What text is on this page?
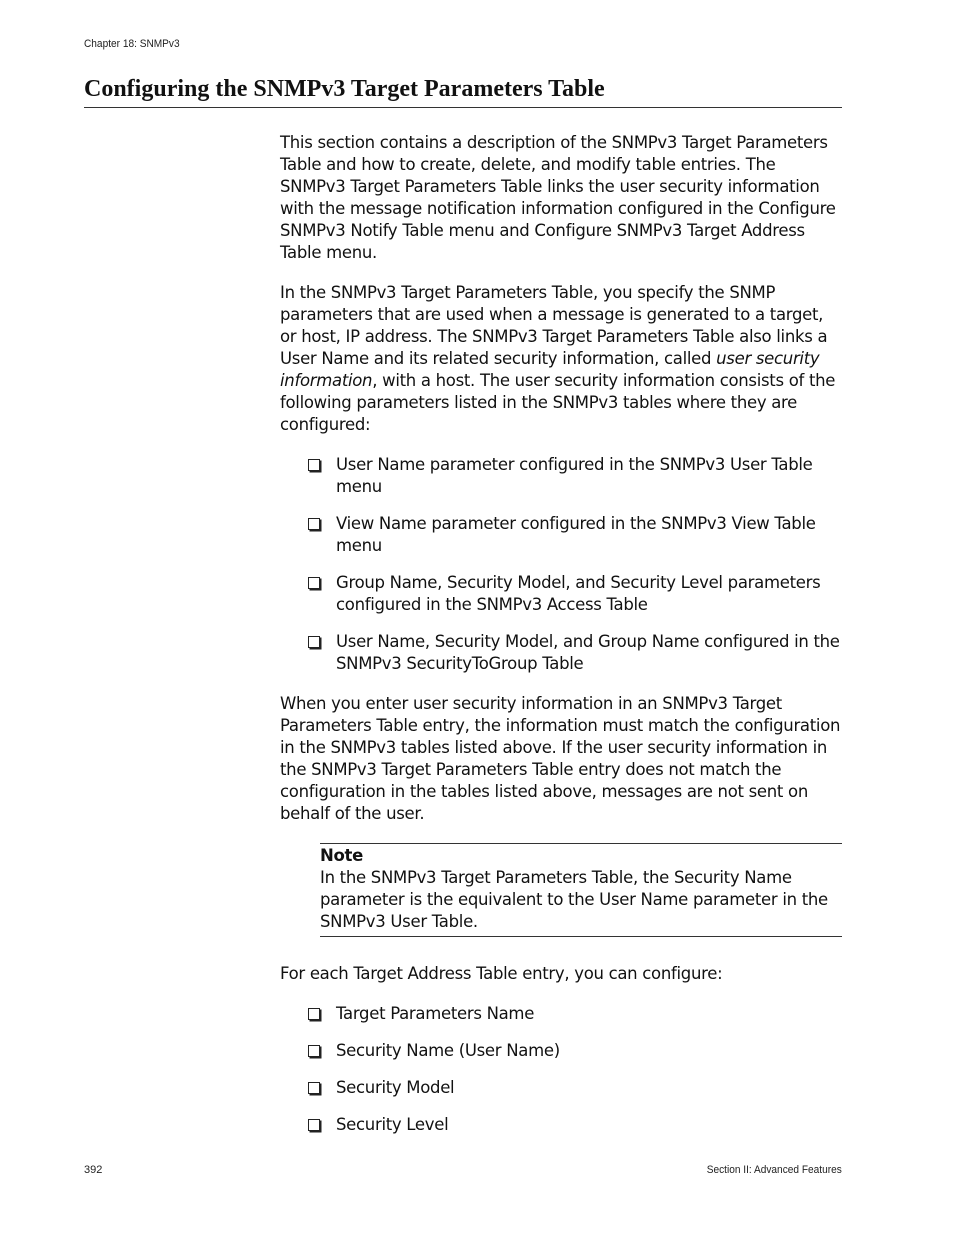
Chapter 18: SNMPv3
Configuring the SNMPv3 Target Parameters Table

This section contains a description of the SNMPv3 Target Parameters Table and how to create, delete, and modify table entries. The SNMPv3 Target Parameters Table links the user security information with the message notification information configured in the Configure SNMPv3 Notify Table menu and Configure SNMPv3 Target Address Table menu.

In the SNMPv3 Target Parameters Table, you specify the SNMP parameters that are used when a message is generated to a target, or host, IP address. The SNMPv3 Target Parameters Table also links a User Name and its related security information, called user security information, with a host. The user security information consists of the following parameters listed in the SNMPv3 tables where they are configured:

User Name parameter configured in the SNMPv3 User Table menu
View Name parameter configured in the SNMPv3 View Table menu
Group Name, Security Model, and Security Level parameters configured in the SNMPv3 Access Table
User Name, Security Model, and Group Name configured in the SNMPv3 SecurityToGroup Table

When you enter user security information in an SNMPv3 Target Parameters Table entry, the information must match the configuration in the SNMPv3 tables listed above. If the user security information in the SNMPv3 Target Parameters Table entry does not match the configuration in the tables listed above, messages are not sent on behalf of the user.

Note
In the SNMPv3 Target Parameters Table, the Security Name parameter is the equivalent to the User Name parameter in the SNMPv3 User Table.

For each Target Address Table entry, you can configure:

Target Parameters Name
Security Name (User Name)
Security Model
Security Level
392	Section II: Advanced Features
